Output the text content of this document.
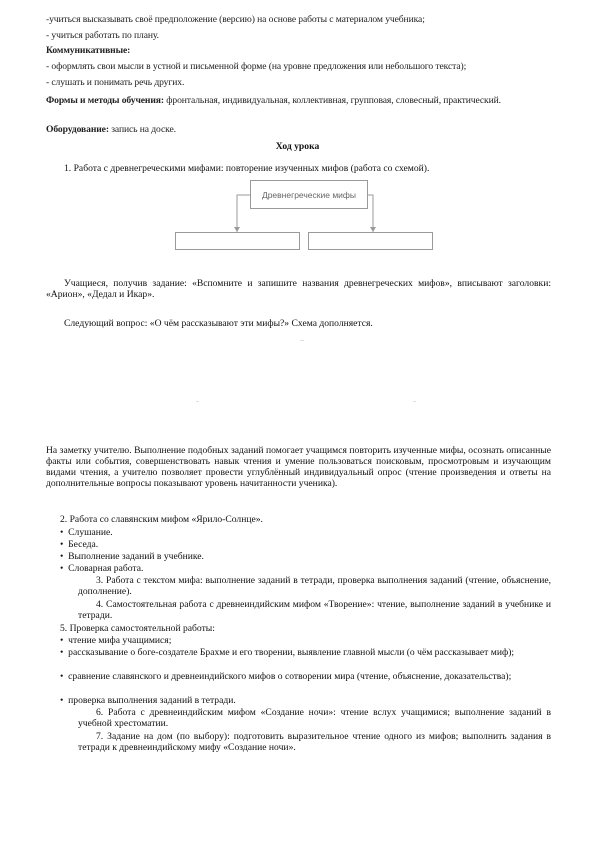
-учиться высказывать своё предположение (версию) на основе работы с материалом учебника;
- учиться работать по плану.
Коммуникативные:
- оформлять свои мысли в устной и письменной форме (на уровне предложения или небольшого текста);
- слушать и понимать речь других.
Формы и методы обучения: фронтальная, индивидуальная, коллективная, групповая, словесный, практический.
Оборудование: запись на доске.
Ход урока
1. Работа с древнегреческими мифами: повторение изученных мифов (работа со схемой).
Древнегреческие мифы
Учащиеся, получив задание: «Вспомните и запишите названия древнегреческих мифов», вписывают заголовки: «Арион», «Дедал и Икар».
Следующий вопрос: «О чём рассказывают эти мифы?» Схема дополняется.
На заметку учителю. Выполнение подобных заданий помогает учащимся повторить изученные мифы, осознать описанные факты или события, совершенствовать навык чтения и умение пользоваться поисковым, просмотровым и изучающим видами чтения, а учителю позволяет провести углублённый индивидуальный опрос (чтение произведения и ответы на дополнительные вопросы показывают уровень начитанности ученика).
2. Работа со славянским мифом «Ярило-Солнце».
•  Слушание.
•  Беседа.
•  Выполнение заданий в учебнике.
•  Словарная работа.
3. Работа с текстом мифа: выполнение заданий в тетради, проверка выполнения заданий (чтение, объяснение, дополнение).
4. Самостоятельная работа с древнеиндийским мифом «Творение»: чтение, выполнение заданий в учебнике и тетради.
5. Проверка самостоятельной работы:
•  чтение мифа учащимися;
•  рассказывание о боге-создателе Брахме и его творении, выявление главной мысли (о чём рассказывает миф);
•  сравнение славянского и древнеиндийского мифов о сотворении мира (чтение, объяснение, доказательства);
•  проверка выполнения заданий в тетради.
6. Работа с древнеиндийским мифом «Создание ночи»: чтение вслух учащимися; выполнение заданий в учебной хрестоматии.
7. Задание на дом (по выбору): подготовить выразительное чтение одного из мифов; выполнить задания в тетради к древнеиндийскому мифу «Создание ночи».
